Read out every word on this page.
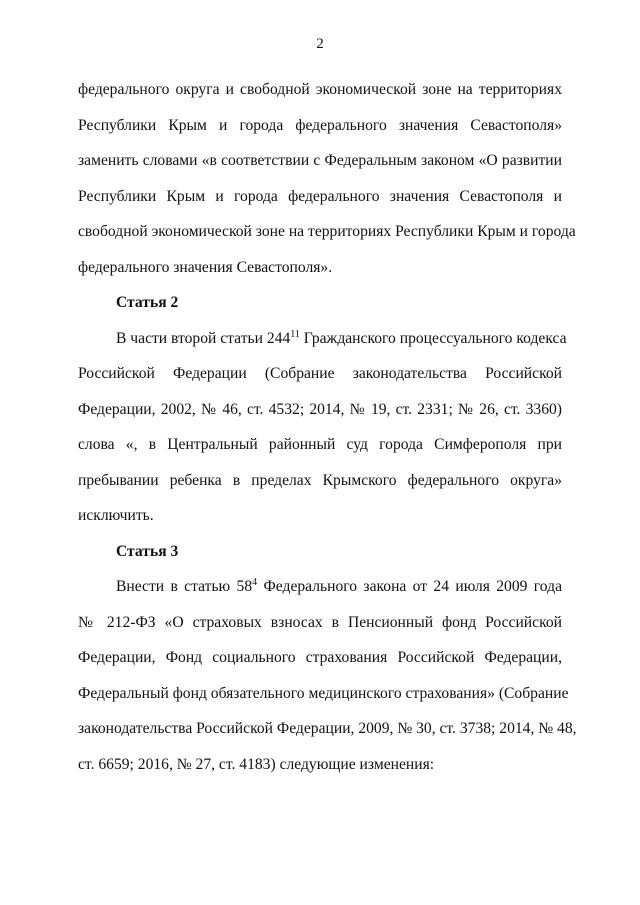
2
федерального округа и свободной экономической зоне на территориях
Республики Крым и города федерального значения Севастополя»
заменить словами «в соответствии с Федеральным законом «О развитии
Республики Крым и города федерального значения Севастополя и
свободной экономической зоне на территориях Республики Крым и города
федерального значения Севастополя».
Статья 2
В части второй статьи $244^{11}$ Гражданского процессуального кодекса
Российской Федерации (Собрание законодательства Российской
Федерации, 2002, № 46, ст. 4532; 2014, № 19, ст. 2331; № 26, ст. 3360)
слова «, в Центральный районный суд города Симферополя при
пребывании ребенка в пределах Крымского федерального округа»
исключить.
Статья 3
Внести в статью $58^4$ Федерального закона от 24 июля 2009 года
№ 212-ФЗ «О страховых взносах в Пенсионный фонд Российской
Федерации, Фонд социального страхования Российской Федерации,
Федеральный фонд обязательного медицинского страхования» (Собрание
законодательства Российской Федерации, 2009, № 30, ст. 3738; 2014, № 48,
ст. 6659; 2016, № 27, ст. 4183) следующие изменения:
